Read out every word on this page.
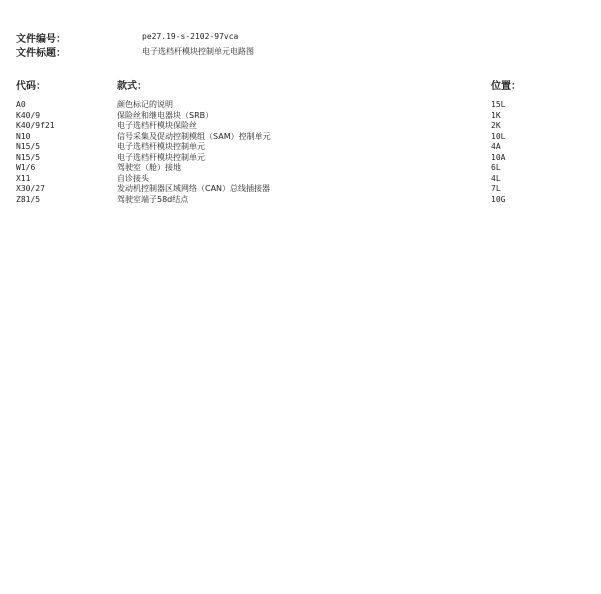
文件编号：	pe27.19-s-2102-97vca
文件标题：	电子选档杆模块控制单元电路图
代码：	款式：	位置：
A0	颜色标记的说明	15L
K40/9	保险丝和继电器块（SRB）	1K
K40/9f21	电子选档杆模块保险丝	2K
N10	信号采集及促动控制模组（SAM）控制单元	10L
N15/5	电子选档杆模块控制单元	4A
N15/5	电子选档杆模块控制单元	10A
W1/6	驾驶室（舱）接地	6L
X11	自诊接头	4L
X30/27	发动机控制器区域网络（CAN）总线插接器	7L
Z81/5	驾驶室端子58d结点	10G
